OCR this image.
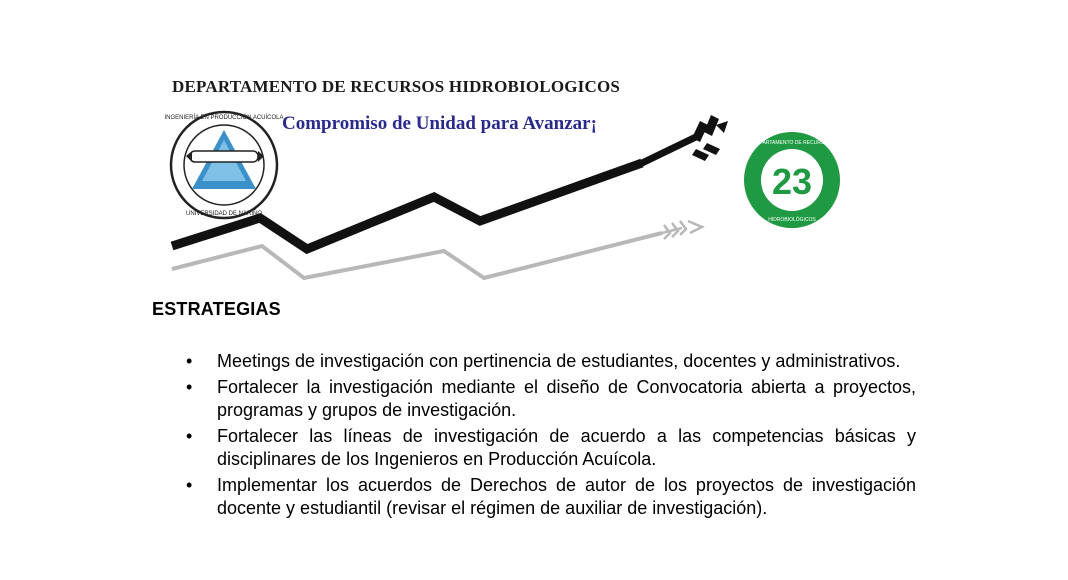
INGENIERÍA EN PRODUCCIÓN ACUÍCOLA
UNIVERSIDAD DE NARIÑO
23
DEPARTAMENTO DE RECURSOS
HIDROBIOLÓGICOS
DEPARTAMENTO DE RECURSOS HIDROBIOLOGICOS
Compromiso de Unidad para Avanzar¡
ESTRATEGIAS
• Meetings de investigación con pertinencia de estudiantes, docentes y administrativos.
• Fortalecer la investigación mediante el diseño de Convocatoria abierta a proyectos, programas y grupos de investigación.
• Fortalecer las líneas de investigación de acuerdo a las competencias básicas y disciplinares de los Ingenieros en Producción Acuícola.
• Implementar los acuerdos de Derechos de autor de los proyectos de investigación docente y estudiantil (revisar el régimen de auxiliar de investigación).
